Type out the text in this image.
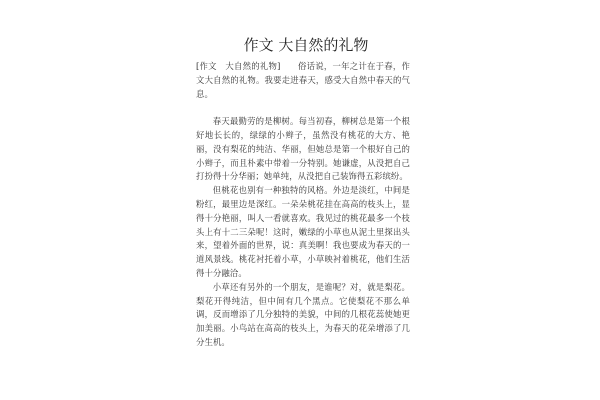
作文 大自然的礼物

[作文　大自然的礼物]　　俗话说，一年之计在于春，作文大自然的礼物。我要走进春天，感受大自然中春天的气息。

春天最勤劳的是柳树。每当初春，柳树总是第一个根好地长长的，绿绿的小辫子，虽然没有桃花的大方、艳丽，没有梨花的纯洁、华丽，但她总是第一个根好自己的小辫子，而且朴素中带着一分特别。她谦虚，从没把自己打扮得十分华丽；她单纯，从没把自己装饰得五彩缤纷。

但桃花也别有一种独特的风格。外边是淡红，中间是粉红，最里边是深红。一朵朵桃花挂在高高的枝头上，显得十分艳丽，叫人一看就喜欢。我见过的桃花最多一个枝头上有十二三朵呢！这时，嫩绿的小草也从泥土里探出头来，望着外面的世界，说：真美啊！我也要成为春天的一道风景线。桃花衬托着小草，小草映衬着桃花，他们生活得十分融洽。

小草还有另外的一个朋友，是谁呢？对，就是梨花。梨花开得纯洁，但中间有几个黑点。它使梨花不那么单调，反而增添了几分独特的美貌，中间的几根花蕊使她更加美丽。小鸟站在高高的枝头上，为春天的花朵增添了几分生机。
